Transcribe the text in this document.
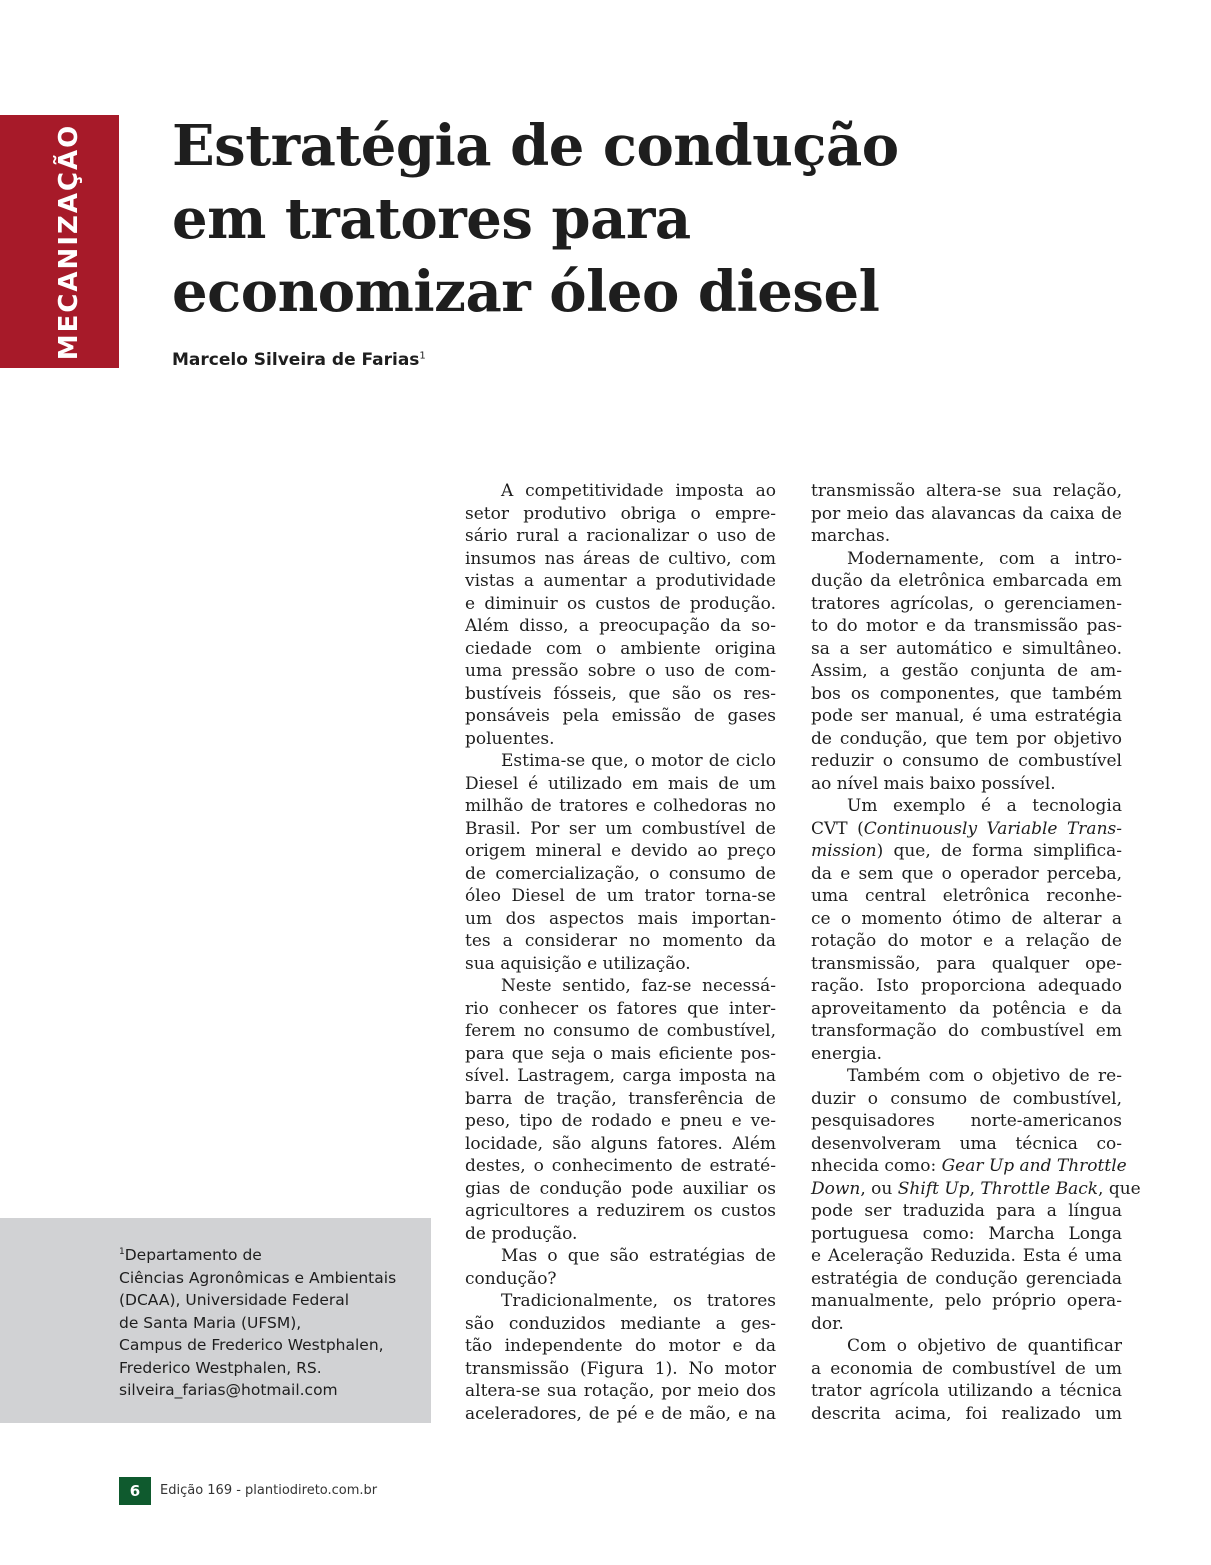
MECANIZAÇÃO Estratégia de condução
em tratores para
economizar óleo diesel
Marcelo Silveira de Farias$^1$
A competitividade imposta ao
setor produtivo obriga o empre-
sário rural a racionalizar o uso de
insumos nas áreas de cultivo, com
vistas a aumentar a produtividade
e diminuir os custos de produção.
Além disso, a preocupação da so-
ciedade com o ambiente origina
uma pressão sobre o uso de com-
bustíveis fósseis, que são os res-
ponsáveis pela emissão de gases
poluentes.
Estima-se que, o motor de ciclo
Diesel é utilizado em mais de um
milhão de tratores e colhedoras no
Brasil. Por ser um combustível de
origem mineral e devido ao preço
de comercialização, o consumo de
óleo Diesel de um trator torna-se
um dos aspectos mais importan-
tes a considerar no momento da
sua aquisição e utilização.
Neste sentido, faz-se necessá-
rio conhecer os fatores que inter-
ferem no consumo de combustível,
para que seja o mais eficiente pos-
sível. Lastragem, carga imposta na
barra de tração, transferência de
peso, tipo de rodado e pneu e ve-
locidade, são alguns fatores. Além
destes, o conhecimento de estraté-
gias de condução pode auxiliar os
agricultores a reduzirem os custos
de produção.
Mas o que são estratégias de
condução?
Tradicionalmente, os tratores
são conduzidos mediante a ges-
tão independente do motor e da
transmissão (Figura 1). No motor
altera-se sua rotação, por meio dos
aceleradores, de pé e de mão, e na
transmissão altera-se sua relação,
por meio das alavancas da caixa de
marchas.
Modernamente, com a intro-
dução da eletrônica embarcada em
tratores agrícolas, o gerenciamen-
to do motor e da transmissão pas-
sa a ser automático e simultâneo.
Assim, a gestão conjunta de am-
bos os componentes, que também
pode ser manual, é uma estratégia
de condução, que tem por objetivo
reduzir o consumo de combustível
ao nível mais baixo possível.
Um exemplo é a tecnologia
CVT (Continuously Variable Trans-
mission) que, de forma simplifica-
da e sem que o operador perceba,
uma central eletrônica reconhe-
ce o momento ótimo de alterar a
rotação do motor e a relação de
transmissão, para qualquer ope-
ração. Isto proporciona adequado
aproveitamento da potência e da
transformação do combustível em
energia.
Também com o objetivo de re-
duzir o consumo de combustível,
pesquisadores norte-americanos
desenvolveram uma técnica co-
nhecida como: Gear Up and Throttle
Down, ou Shift Up, Throttle Back, que
pode ser traduzida para a língua
portuguesa como: Marcha Longa
e Aceleração Reduzida. Esta é uma
estratégia de condução gerenciada
manualmente, pelo próprio opera-
dor.
Com o objetivo de quantificar
a economia de combustível de um
trator agrícola utilizando a técnica
descrita acima, foi realizado um
$^1$Departamento de
Ciências Agronômicas e Ambientais
(DCAA), Universidade Federal
de Santa Maria (UFSM),
Campus de Frederico Westphalen,
Frederico Westphalen, RS.
silveira_farias@hotmail.com
6	Edição 169 - plantiodireto.com.br
